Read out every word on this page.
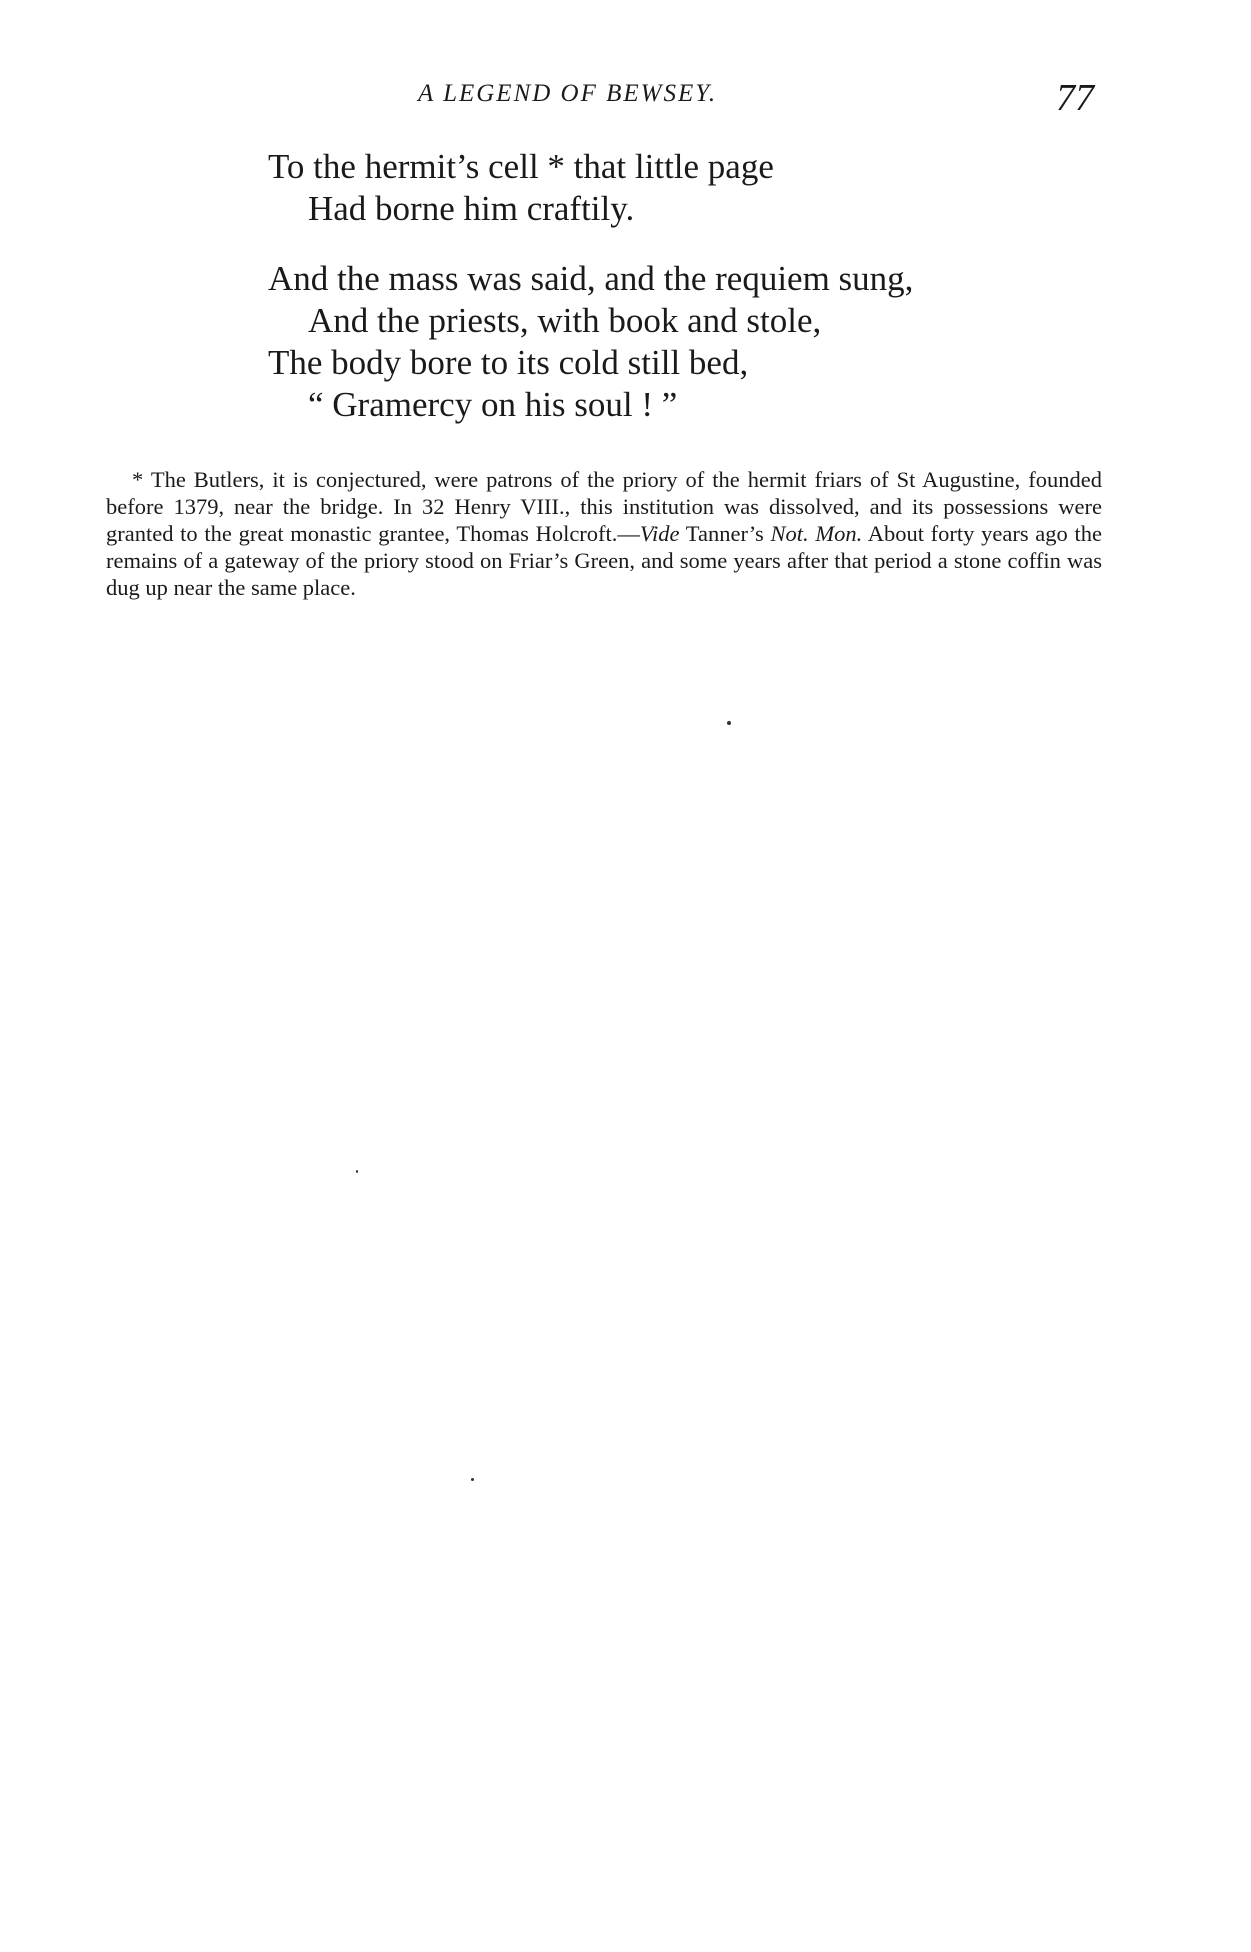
A LEGEND OF BEWSEY.	77
To the hermit’s cell * that little page
Had borne him craftily.
And the mass was said, and the requiem sung,
And the priests, with book and stole,
The body bore to its cold still bed,
“ Gramercy on his soul ! ”

* The Butlers, it is conjectured, were patrons of the priory of the hermit friars of St Augustine, founded before 1379, near the bridge. In 32 Henry VIII., this institution was dissolved, and its possessions were granted to the great monastic grantee, Thomas Holcroft.—Vide Tanner’s Not. Mon. About forty years ago the remains of a gateway of the priory stood on Friar’s Green, and some years after that period a stone coffin was dug up near the same place.
